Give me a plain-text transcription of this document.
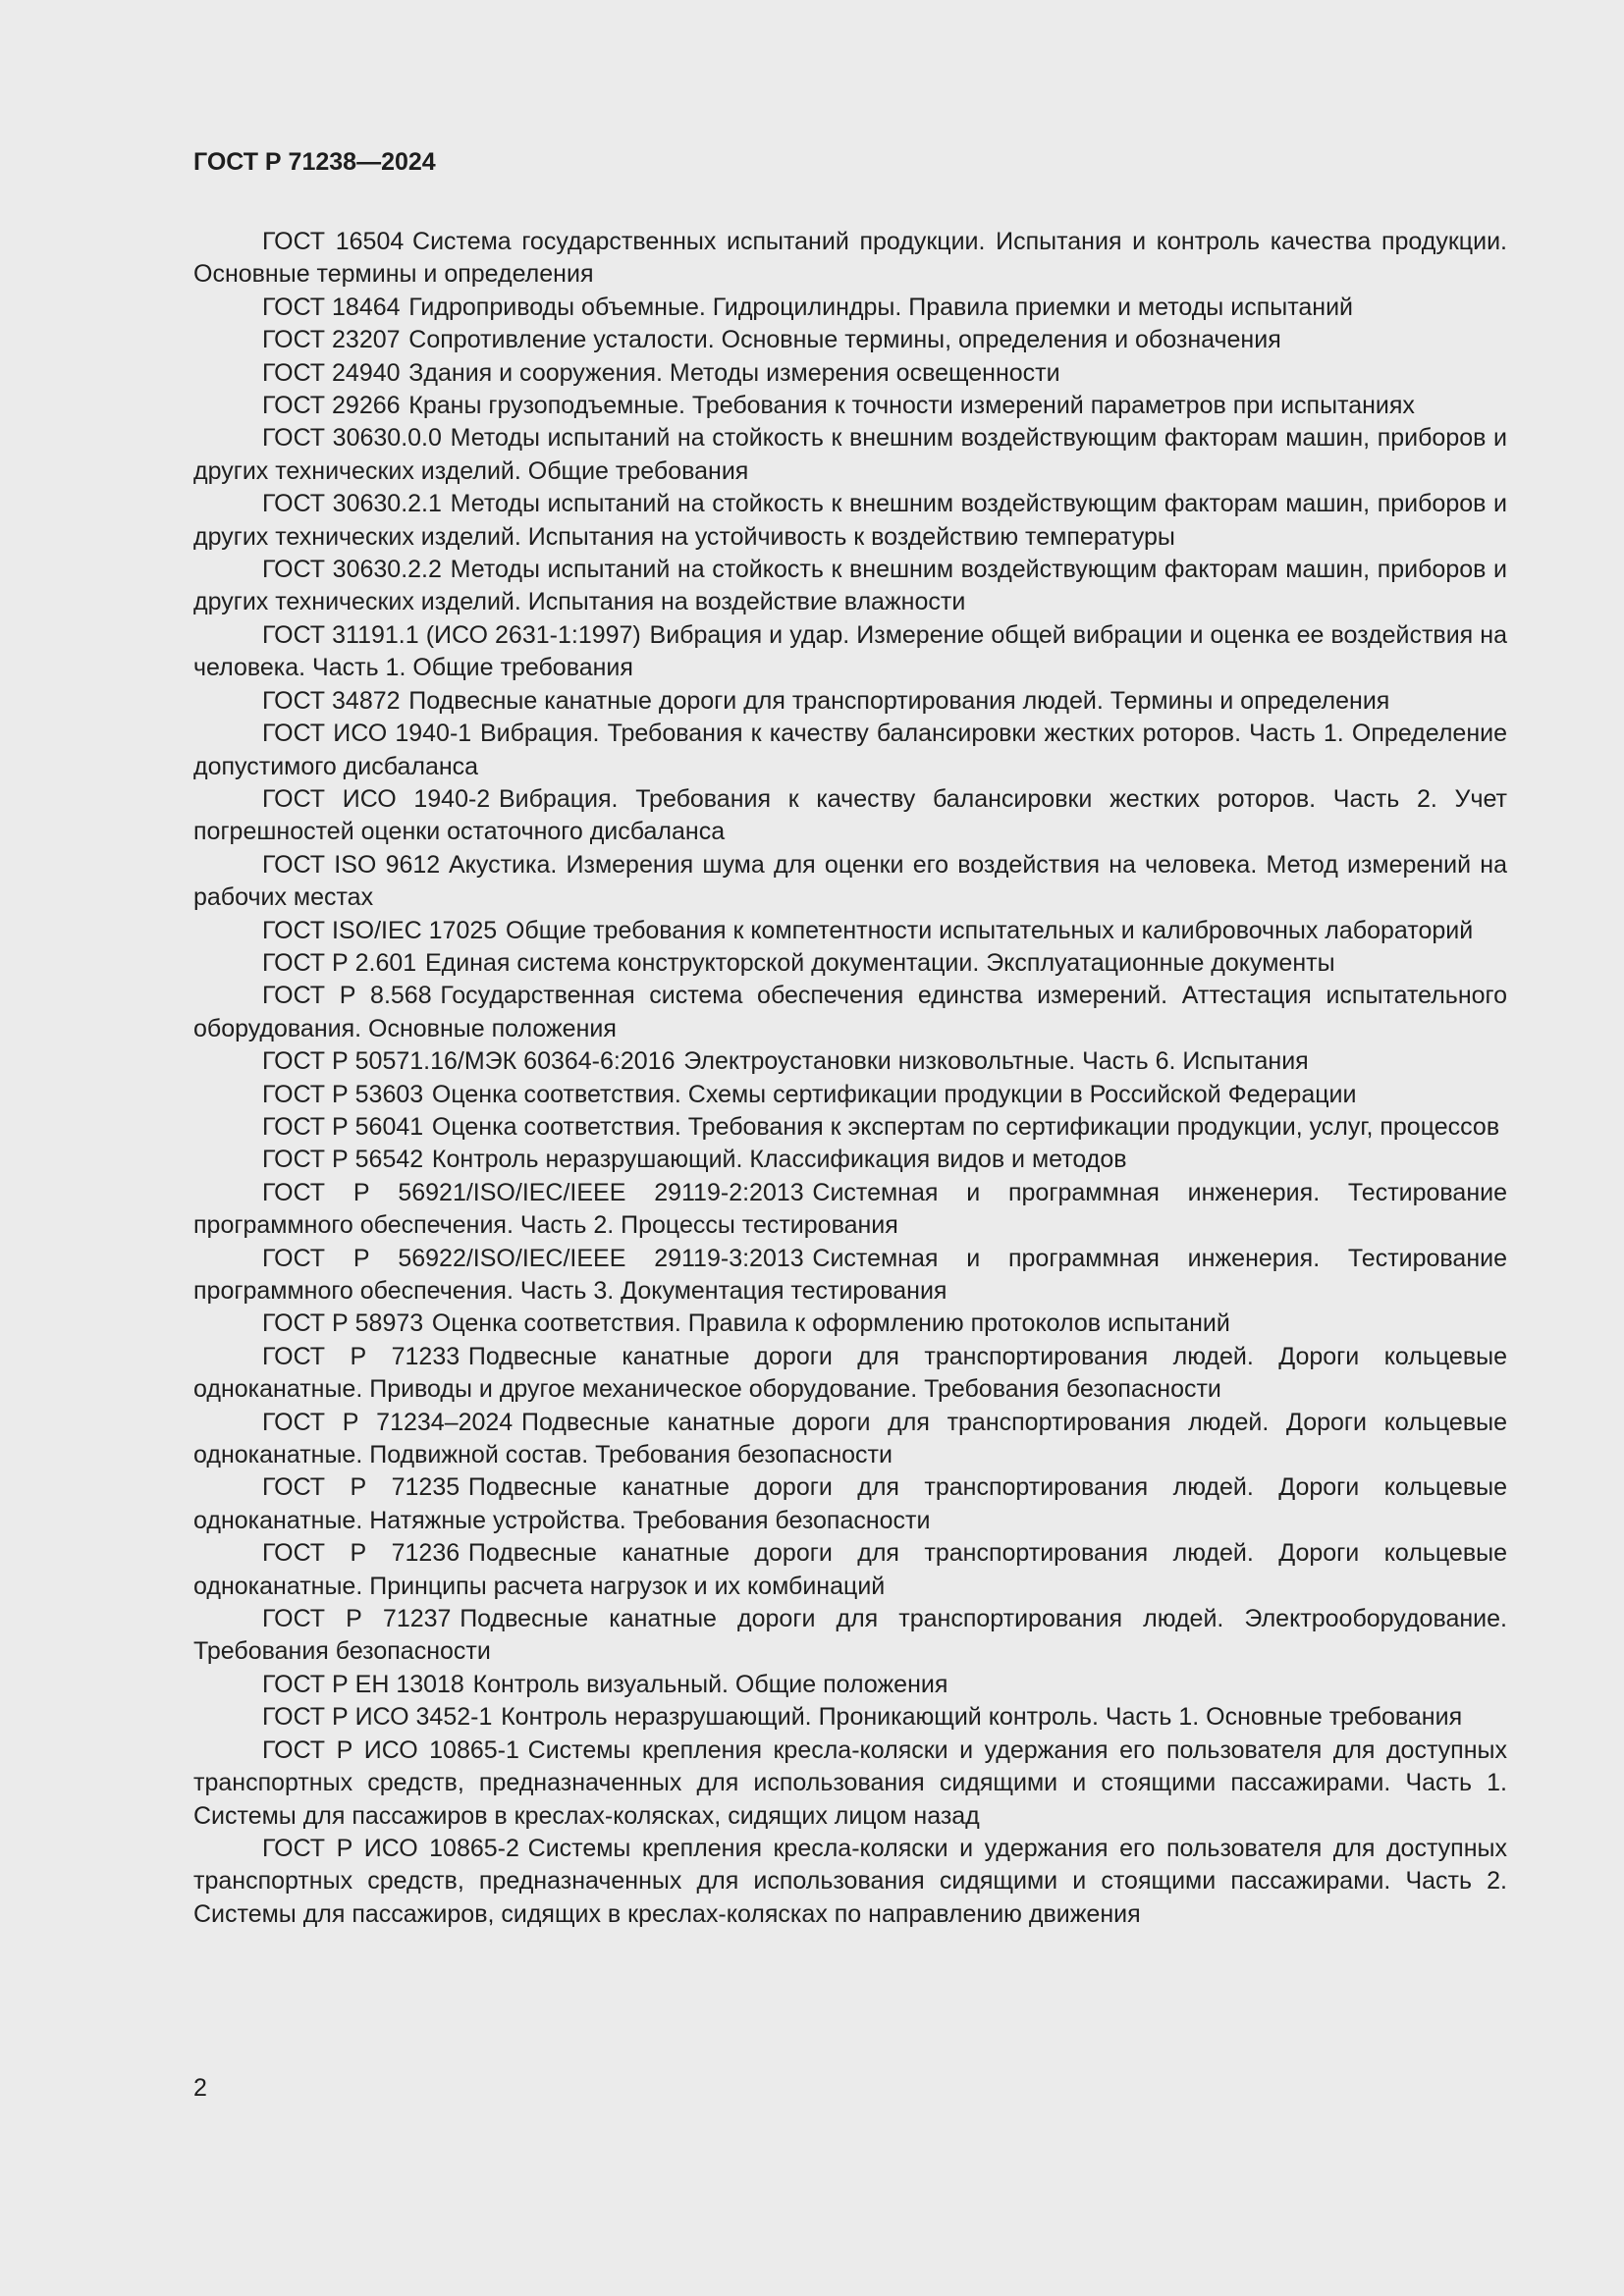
ГОСТ Р 71238—2024

ГОСТ 16504 Система государственных испытаний продукции. Испытания и контроль качества продукции. Основные термины и определения

ГОСТ 18464 Гидроприводы объемные. Гидроцилиндры. Правила приемки и методы испытаний

ГОСТ 23207 Сопротивление усталости. Основные термины, определения и обозначения

ГОСТ 24940 Здания и сооружения. Методы измерения освещенности

ГОСТ 29266 Краны грузоподъемные. Требования к точности измерений параметров при испытаниях

ГОСТ 30630.0.0 Методы испытаний на стойкость к внешним воздействующим факторам машин, приборов и других технических изделий. Общие требования

ГОСТ 30630.2.1 Методы испытаний на стойкость к внешним воздействующим факторам машин, приборов и других технических изделий. Испытания на устойчивость к воздействию температуры

ГОСТ 30630.2.2 Методы испытаний на стойкость к внешним воздействующим факторам машин, приборов и других технических изделий. Испытания на воздействие влажности

ГОСТ 31191.1 (ИСО 2631-1:1997) Вибрация и удар. Измерение общей вибрации и оценка ее воздействия на человека. Часть 1. Общие требования

ГОСТ 34872 Подвесные канатные дороги для транспортирования людей. Термины и определения

ГОСТ ИСО 1940-1 Вибрация. Требования к качеству балансировки жестких роторов. Часть 1. Определение допустимого дисбаланса

ГОСТ ИСО 1940-2 Вибрация. Требования к качеству балансировки жестких роторов. Часть 2. Учет погрешностей оценки остаточного дисбаланса

ГОСТ ISO 9612 Акустика. Измерения шума для оценки его воздействия на человека. Метод измерений на рабочих местах

ГОСТ ISO/IEC 17025 Общие требования к компетентности испытательных и калибровочных лабораторий

ГОСТ Р 2.601 Единая система конструкторской документации. Эксплуатационные документы

ГОСТ Р 8.568 Государственная система обеспечения единства измерений. Аттестация испытательного оборудования. Основные положения

ГОСТ Р 50571.16/МЭК 60364-6:2016 Электроустановки низковольтные. Часть 6. Испытания

ГОСТ Р 53603 Оценка соответствия. Схемы сертификации продукции в Российской Федерации

ГОСТ Р 56041 Оценка соответствия. Требования к экспертам по сертификации продукции, услуг, процессов

ГОСТ Р 56542 Контроль неразрушающий. Классификация видов и методов

ГОСТ Р 56921/ISO/IEC/IEEE 29119-2:2013 Системная и программная инженерия. Тестирование программного обеспечения. Часть 2. Процессы тестирования

ГОСТ Р 56922/ISO/IEC/IEEE 29119-3:2013 Системная и программная инженерия. Тестирование программного обеспечения. Часть 3. Документация тестирования

ГОСТ Р 58973 Оценка соответствия. Правила к оформлению протоколов испытаний

ГОСТ Р 71233 Подвесные канатные дороги для транспортирования людей. Дороги кольцевые одноканатные. Приводы и другое механическое оборудование. Требования безопасности

ГОСТ Р 71234–2024 Подвесные канатные дороги для транспортирования людей. Дороги кольцевые одноканатные. Подвижной состав. Требования безопасности

ГОСТ Р 71235 Подвесные канатные дороги для транспортирования людей. Дороги кольцевые одноканатные. Натяжные устройства. Требования безопасности

ГОСТ Р 71236 Подвесные канатные дороги для транспортирования людей. Дороги кольцевые одноканатные. Принципы расчета нагрузок и их комбинаций

ГОСТ Р 71237 Подвесные канатные дороги для транспортирования людей. Электрооборудование. Требования безопасности

ГОСТ Р ЕН 13018 Контроль визуальный. Общие положения

ГОСТ Р ИСО 3452-1 Контроль неразрушающий. Проникающий контроль. Часть 1. Основные требования

ГОСТ Р ИСО 10865-1 Системы крепления кресла-коляски и удержания его пользователя для доступных транспортных средств, предназначенных для использования сидящими и стоящими пассажирами. Часть 1. Системы для пассажиров в креслах-колясках, сидящих лицом назад

ГОСТ Р ИСО 10865-2 Системы крепления кресла-коляски и удержания его пользователя для доступных транспортных средств, предназначенных для использования сидящими и стоящими пассажирами. Часть 2. Системы для пассажиров, сидящих в креслах-колясках по направлению движения

2
